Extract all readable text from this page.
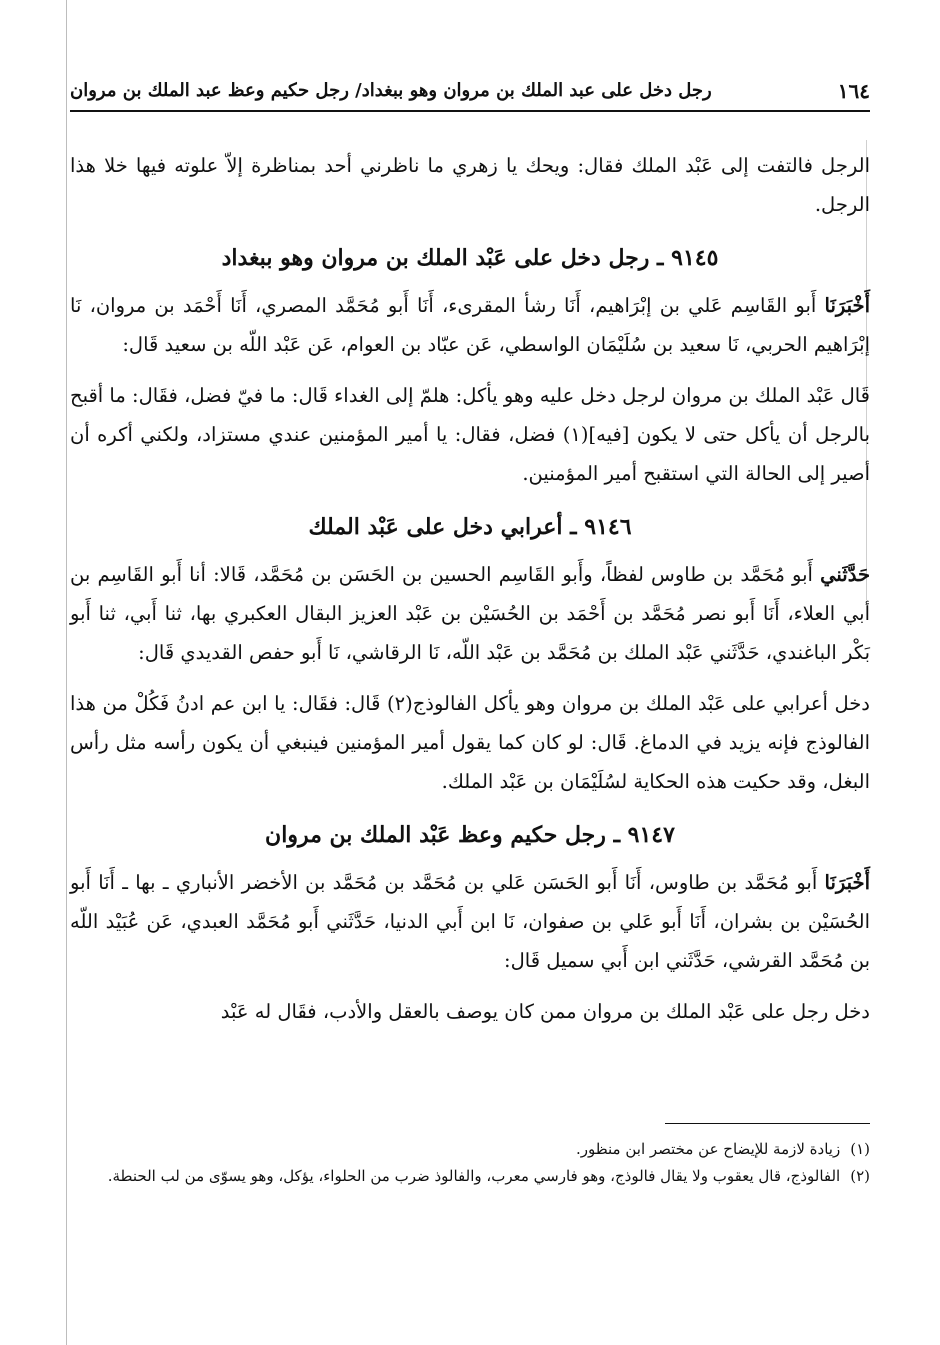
١٦٤
رجل دخل على عبد الملك بن مروان وهو ببغداد/ رجل حكيم وعظ عبد الملك بن مروان

الرجل فالتفت إلى عَبْد الملك فقال: ويحك يا زهري ما ناظرني أحد بمناظرة إلاّ علوته فيها خلا هذا الرجل.

٩١٤٥ ـ رجل دخل على عَبْد الملك بن مروان وهو ببغداد

أَخْبَرَنَا أَبو القَاسِم عَلي بن إبْرَاهيم، أَنَا رشأ المقرىء، أَنَا أَبو مُحَمَّد المصري، أَنَا أَحْمَد بن مروان، نَا إبْرَاهيم الحربي، نَا سعيد بن سُلَيْمَان الواسطي، عَن عبّاد بن العوام، عَن عَبْد اللّه بن سعيد قَال:

قَال عَبْد الملك بن مروان لرجل دخل عليه وهو يأكل: هلمّ إلى الغداء قَال: ما فيّ فضل، فقَال: ما أقبح بالرجل أن يأكل حتى لا يكون [فيه](١) فضل، فقال: يا أمير المؤمنين عندي مستزاد، ولكني أكره أن أصير إلى الحالة التي استقبح أمير المؤمنين.

٩١٤٦ ـ أعرابي دخل على عَبْد الملك

حَدَّثَني أَبو مُحَمَّد بن طاوس لفظاً، وأَبو القَاسِم الحسين بن الحَسَن بن مُحَمَّد، قَالا: أنا أَبو القَاسِم بن أبي العلاء، أَنَا أَبو نصر مُحَمَّد بن أَحْمَد بن الحُسَيْن بن عَبْد العزيز البقال العكبري بها، ثنا أَبي، ثنا أَبو بَكْر الباغندي، حَدَّثَني عَبْد الملك بن مُحَمَّد بن عَبْد اللّه، نَا الرقاشي، نَا أَبو حفص القديدي قَال:

دخل أعرابي على عَبْد الملك بن مروان وهو يأكل الفالوذج(٢) قَال: فقَال: يا ابن عم ادنُ فَكُلْ من هذا الفالوذج فإنه يزيد في الدماغ. قَال: لو كان كما يقول أمير المؤمنين فينبغي أن يكون رأسه مثل رأس البغل، وقد حكيت هذه الحكاية لسُلَيْمَان بن عَبْد الملك.

٩١٤٧ ـ رجل حكيم وعظ عَبْد الملك بن مروان

أَخْبَرَنَا أَبو مُحَمَّد بن طاوس، أَنَا أَبو الحَسَن عَلي بن مُحَمَّد بن مُحَمَّد بن الأخضر الأنباري ـ بها ـ أَنَا أَبو الحُسَيْن بن بشران، أَنَا أَبو عَلي بن صفوان، نَا ابن أَبي الدنيا، حَدَّثَني أَبو مُحَمَّد العبدي، عَن عُبَيْد اللّه بن مُحَمَّد القرشي، حَدَّثَني ابن أَبي سميل قَال:

دخل رجل على عَبْد الملك بن مروان ممن كان يوصف بالعقل والأدب، فقَال له عَبْد

(١)
زيادة لازمة للإيضاح عن مختصر ابن منظور.
(٢)
الفالوذج، قال يعقوب ولا يقال فالوذج، وهو فارسي معرب، والفالوذ ضرب من الحلواء، يؤكل، وهو يسوّى من لب الحنطة.
